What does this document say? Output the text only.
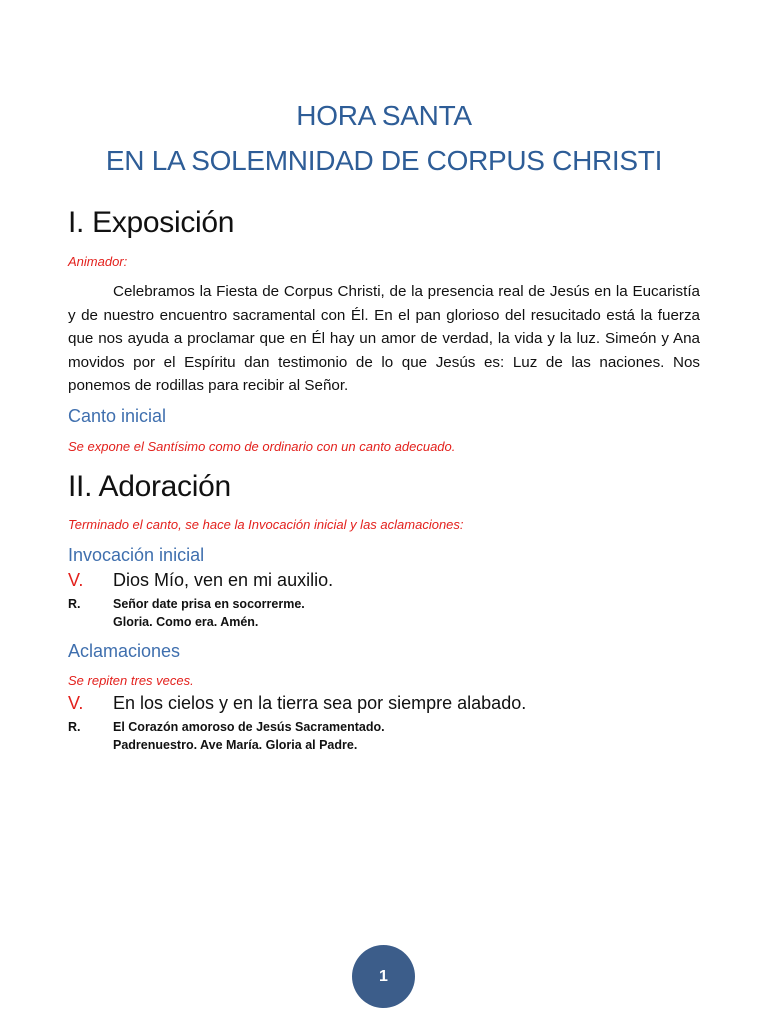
HORA SANTA
EN LA SOLEMNIDAD DE CORPUS CHRISTI
I. Exposición
Animador:
Celebramos la Fiesta de Corpus Christi, de la presencia real de Jesús en la Eucaristía y de nuestro encuentro sacramental con Él. En el pan glorioso del resucitado está la fuerza que nos ayuda a proclamar que en Él hay un amor de verdad, la vida y la luz. Simeón y Ana movidos por el Espíritu dan testimonio de lo que Jesús es: Luz de las naciones. Nos ponemos de rodillas para recibir al Señor.
Canto inicial
Se expone el Santísimo como de ordinario con un canto adecuado.
II. Adoración
Terminado el canto, se hace la Invocación inicial y las aclamaciones:
Invocación inicial
V. Dios Mío, ven en mi auxilio.
R.	Señor date prisa en socorrerme.
Gloria. Como era. Amén.
Aclamaciones
Se repiten tres veces.
V. En los cielos y en la tierra sea por siempre alabado.
R.	El Corazón amoroso de Jesús Sacramentado.
Padrenuestro. Ave María. Gloria al Padre.
1
